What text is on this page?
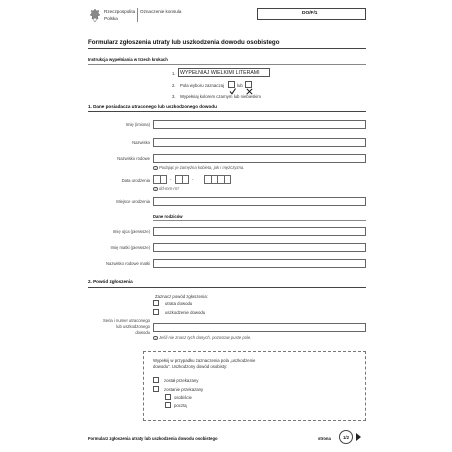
Rzeczpospolita
Polska
Oznaczenie konsula	DO/F/1
Formularz zgłoszenia utraty lub uszkodzenia dowodu osobistego
Instrukcja wypełniania w trzech krokach
1. WYPEŁNIAJ WIELKIMI LITERAMI
2. Pola wyboru zaznaczaj	lub
3. Wypełniaj kolorem czarnym lub niebieskim
1. Dane posiadacza utraconego lub uszkodzonego dowodu
Imię (imiona)
Nazwisko
Nazwisko rodowe
i Podając je zamężna kobieta, jak i mężczyzna.
Data urodzenia	-	-
i dd-mm-rrrr
Miejsce urodzenia
Dane rodziców
Imię ojca (pierwsze)
Imię matki (pierwsze)
Nazwisko rodowe matki
2. Powód zgłoszenia
Zaznacz powód zgłoszenia:
utrata dowodu
uszkodzenie dowodu
Seria i numer utraconego
lub uszkodzonego
dowodu
i Jeśli nie znasz tych danych, pozostaw puste pole.
Wypełnij w przypadku zaznaczenia pola „uszkodzenie
dowodu”. Uszkodzony dowód osobisty:
został przekazany
zostanie przekazany
osobiście
pocztą
Formularz zgłoszenia utraty lub uszkodzenia dowodu osobistego	strona	1/2
